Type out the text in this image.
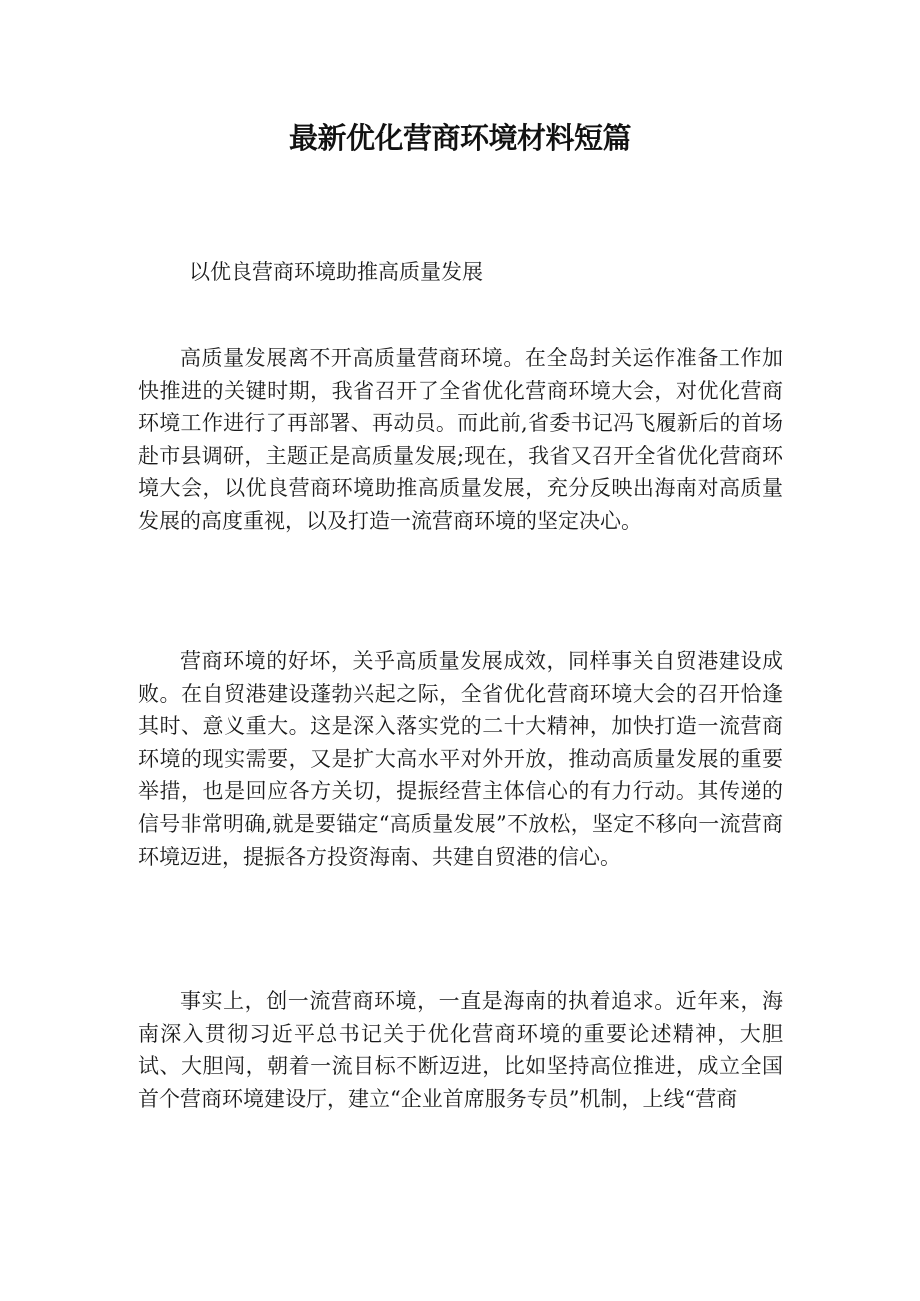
最新优化营商环境材料短篇

以优良营商环境助推高质量发展

高质量发展离不开高质量营商环境。在全岛封关运作准备工作加快推进的关键时期，我省召开了全省优化营商环境大会，对优化营商环境工作进行了再部署、再动员。而此前,省委书记冯飞履新后的首场赴市县调研，主题正是高质量发展;现在，我省又召开全省优化营商环境大会，以优良营商环境助推高质量发展，充分反映出海南对高质量发展的高度重视，以及打造一流营商环境的坚定决心。

营商环境的好坏，关乎高质量发展成效，同样事关自贸港建设成败。在自贸港建设蓬勃兴起之际，全省优化营商环境大会的召开恰逢其时、意义重大。这是深入落实党的二十大精神，加快打造一流营商环境的现实需要，又是扩大高水平对外开放，推动高质量发展的重要举措，也是回应各方关切，提振经营主体信心的有力行动。其传递的信号非常明确,就是要锚定“高质量发展”不放松，坚定不移向一流营商环境迈进，提振各方投资海南、共建自贸港的信心。

事实上，创一流营商环境，一直是海南的执着追求。近年来，海南深入贯彻习近平总书记关于优化营商环境的重要论述精神，大胆试、大胆闯，朝着一流目标不断迈进，比如坚持高位推进，成立全国首个营商环境建设厅，建立“企业首席服务专员”机制，上线“营商
